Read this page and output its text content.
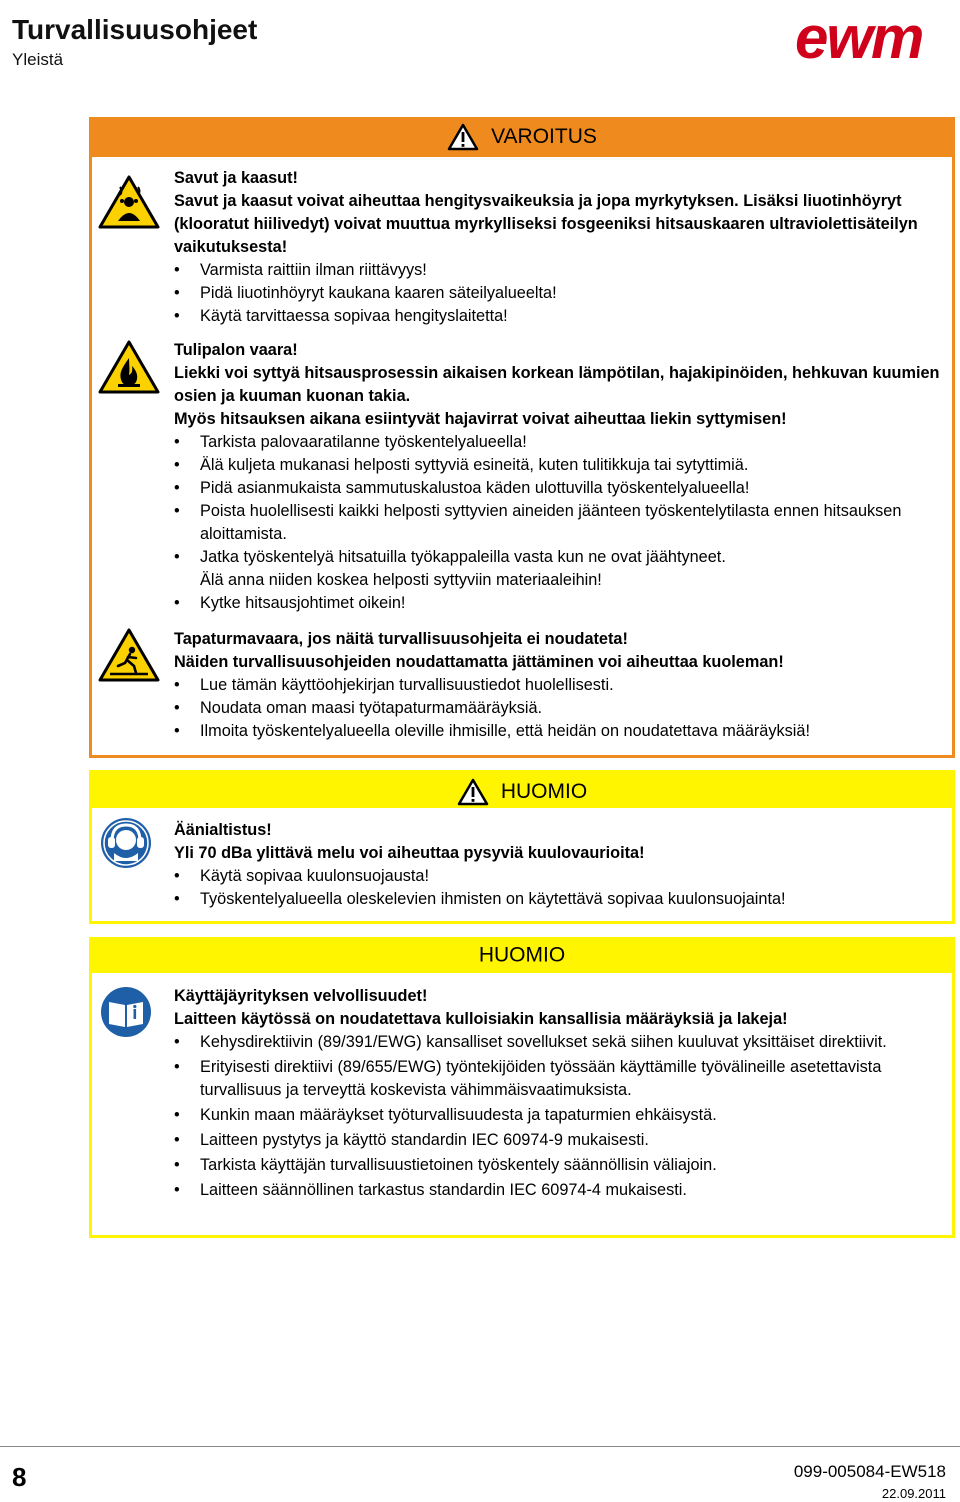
Turvallisuusohjeet
Yleistä	ewm
VAROITUS

Savut ja kaasut!

Savut ja kaasut voivat aiheuttaa hengitysvaikeuksia ja jopa myrkytyksen. Lisäksi liuotinhöyryt (klooratut hiilivedyt) voivat muuttua myrkylliseksi fosgeeniksi hitsauskaaren ultraviolettisäteilyn vaikutuksesta!

• Varmista raittiin ilman riittävyys!
• Pidä liuotinhöyryt kaukana kaaren säteilyalueelta!
• Käytä tarvittaessa sopivaa hengityslaitetta!

Tulipalon vaara!

Liekki voi syttyä hitsausprosessin aikaisen korkean lämpötilan, hajakipinöiden, hehkuvan kuumien osien ja kuuman kuonan takia.

Myös hitsauksen aikana esiintyvät hajavirrat voivat aiheuttaa liekin syttymisen!

• Tarkista palovaaratilanne työskentelyalueella!
• Älä kuljeta mukanasi helposti syttyviä esineitä, kuten tulitikkuja tai sytyttimiä.
• Pidä asianmukaista sammutuskalustoa käden ulottuvilla työskentelyalueella!
• Poista huolellisesti kaikki helposti syttyvien aineiden jäänteen työskentelytilasta ennen hitsauksen aloittamista.
• Jatka työskentelyä hitsatuilla työkappaleilla vasta kun ne ovat jäähtyneet.
Älä anna niiden koskea helposti syttyviin materiaaleihin!
• Kytke hitsausjohtimet oikein!

Tapaturmavaara, jos näitä turvallisuusohjeita ei noudateta!

Näiden turvallisuusohjeiden noudattamatta jättäminen voi aiheuttaa kuoleman!

• Lue tämän käyttöohjekirjan turvallisuustiedot huolellisesti.
• Noudata oman maasi työtapaturmamääräyksiä.
• Ilmoita työskentelyalueella oleville ihmisille, että heidän on noudatettava määräyksiä!
HUOMIO

Äänialtistus!

Yli 70 dBa ylittävä melu voi aiheuttaa pysyviä kuulovaurioita!

• Käytä sopivaa kuulonsuojausta!
• Työskentelyalueella oleskelevien ihmisten on käytettävä sopivaa kuulonsuojainta!
HUOMIO

Käyttäjäyrityksen velvollisuudet!

Laitteen käytössä on noudatettava kulloisiakin kansallisia määräyksiä ja lakeja!

• Kehysdirektiivin (89/391/EWG) kansalliset sovellukset sekä siihen kuuluvat yksittäiset direktiivit.
• Erityisesti direktiivi (89/655/EWG) työntekijöiden työssään käyttämille työvälineille asetettavista turvallisuus ja terveyttä koskevista vähimmäisvaatimuksista.
• Kunkin maan määräykset työturvallisuudesta ja tapaturmien ehkäisystä.
• Laitteen pystytys ja käyttö standardin IEC 60974-9 mukaisesti.
• Tarkista käyttäjän turvallisuustietoinen työskentely säännöllisin väliajoin.
• Laitteen säännöllinen tarkastus standardin IEC 60974-4 mukaisesti.
8	099-005084-EW518
22.09.2011
